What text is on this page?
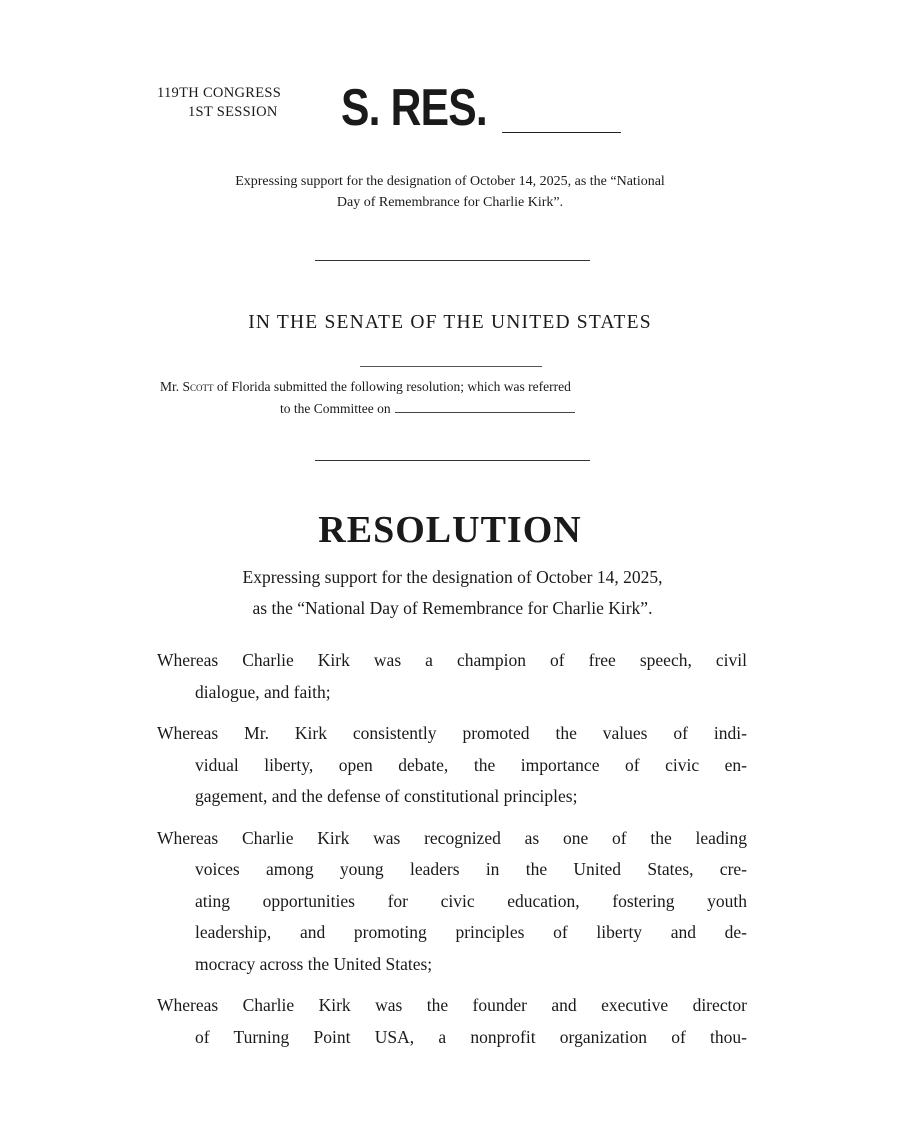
119TH CONGRESS
1ST SESSION S. RES.
Expressing support for the designation of October 14, 2025, as the “National
Day of Remembrance for Charlie Kirk”.
IN THE SENATE OF THE UNITED STATES
Mr. Scott of Florida submitted the following resolution; which was referred
to the Committee on
RESOLUTION
Expressing support for the designation of October 14, 2025,
as the “National Day of Remembrance for Charlie Kirk”.
Whereas Charlie Kirk was a champion of free speech, civil
dialogue, and faith;
Whereas Mr. Kirk consistently promoted the values of indi-
vidual liberty, open debate, the importance of civic en-
gagement, and the defense of constitutional principles;
Whereas Charlie Kirk was recognized as one of the leading
voices among young leaders in the United States, cre-
ating opportunities for civic education, fostering youth
leadership, and promoting principles of liberty and de-
mocracy across the United States;
Whereas Charlie Kirk was the founder and executive director
of Turning Point USA, a nonprofit organization of thou-
